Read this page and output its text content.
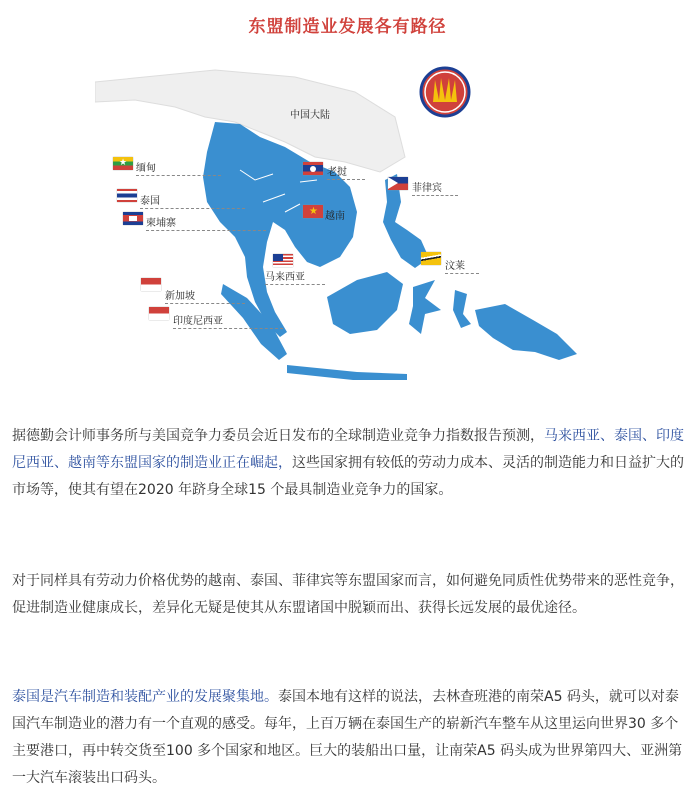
东盟制造业发展各有路径
中国大陆
★ 缅甸
泰国
柬埔寨
老挝
★ 越南
菲律宾
马来西亚
汶莱
新加坡
印度尼西亚

据德勤会计师事务所与美国竞争力委员会近日发布的全球制造业竞争力指数报告预测，马来西亚、泰国、印度尼西亚、越南等东盟国家的制造业正在崛起，这些国家拥有较低的劳动力成本、灵活的制造能力和日益扩大的市场等，使其有望在2020 年跻身全球15 个最具制造业竞争力的国家。

对于同样具有劳动力价格优势的越南、泰国、菲律宾等东盟国家而言，如何避免同质性优势带来的恶性竞争，促进制造业健康成长，差异化无疑是使其从东盟诸国中脱颖而出、获得长远发展的最优途径。

泰国是汽车制造和装配产业的发展聚集地。泰国本地有这样的说法，去林查班港的南荣A5 码头，就可以对泰国汽车制造业的潜力有一个直观的感受。每年，上百万辆在泰国生产的崭新汽车整车从这里运向世界30 多个主要港口，再中转交货至100 多个国家和地区。巨大的装船出口量，让南荣A5 码头成为世界第四大、亚洲第一大汽车滚装出口码头。
